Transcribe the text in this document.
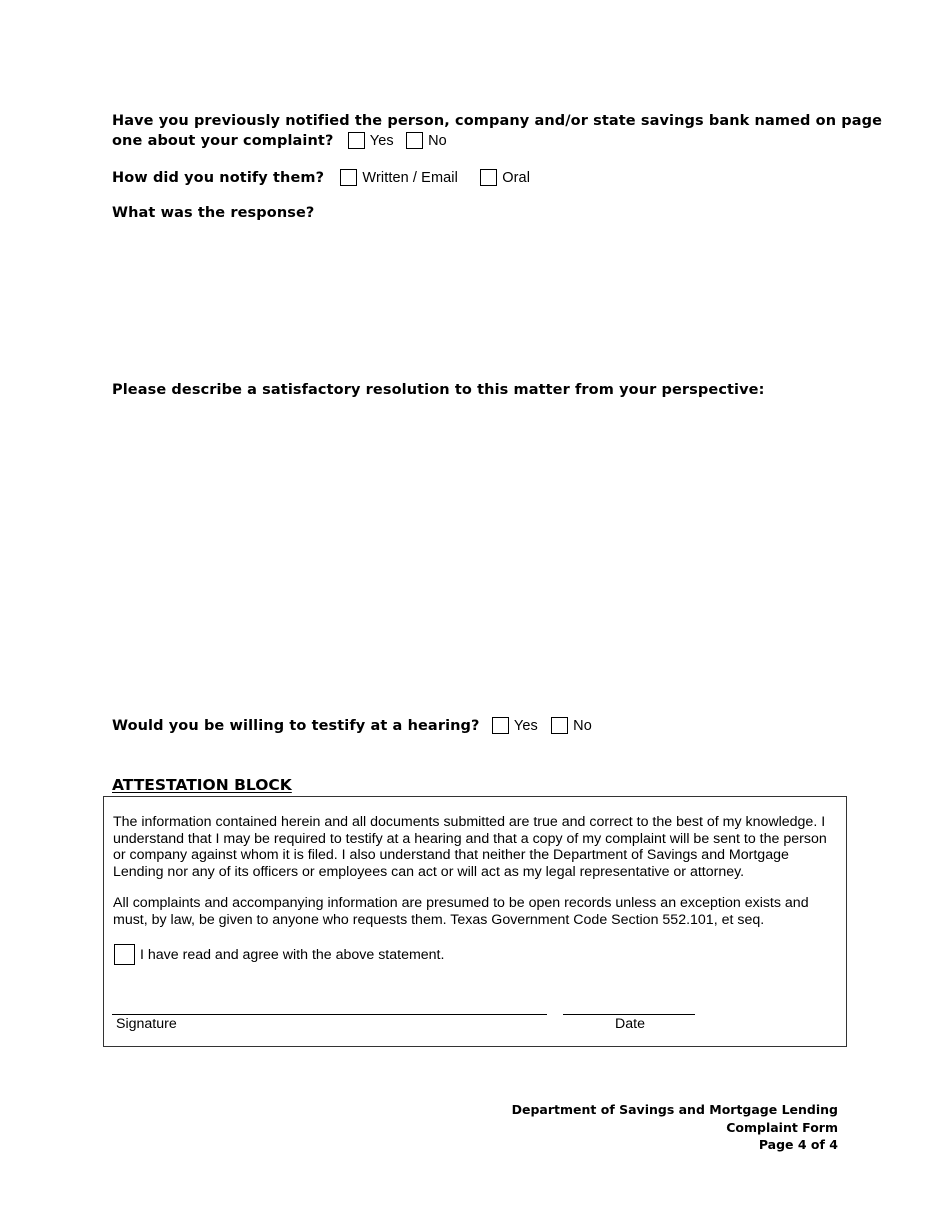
Have you previously notified the person, company and/or state savings bank named on page
one about your complaint?	Yes No
How did you notify them?	Written / Email	Oral
What was the response?
Please describe a satisfactory resolution to this matter from your perspective:
Would you be willing to testify at a hearing? Yes No
ATTESTATION BLOCK
The information contained herein and all documents submitted are true and correct to the best of my knowledge. I understand that I may be required to testify at a hearing and that a copy of my complaint will be sent to the person or company against whom it is filed. I also understand that neither the Department of Savings and Mortgage Lending nor any of its officers or employees can act or will act as my legal representative or attorney.
All complaints and accompanying information are presumed to be open records unless an exception exists and must, by law, be given to anyone who requests them. Texas Government Code Section 552.101, et seq.
I have read and agree with the above statement.
Signature	Date
Department of Savings and Mortgage Lending
Complaint Form
Page 4 of 4
